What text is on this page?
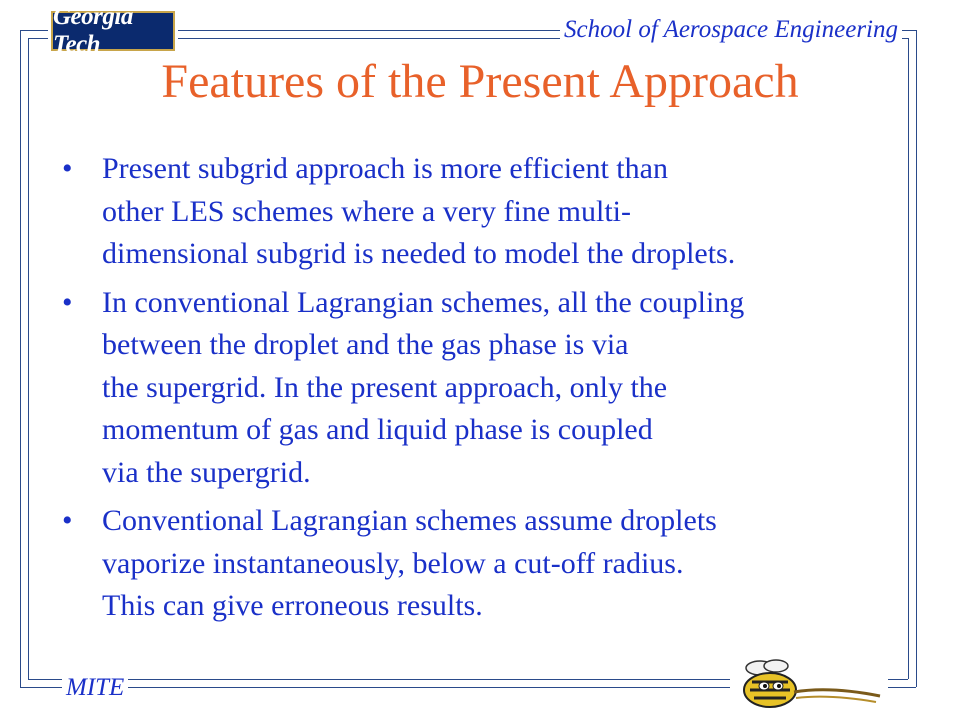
Georgia Tech
School of Aerospace Engineering
Features of the Present Approach
• Present subgrid approach is more efficient than
other LES schemes where a very fine multi-
dimensional subgrid is needed to model the droplets.
• In conventional Lagrangian schemes, all the coupling
between the droplet and the gas phase is via
the supergrid. In the present approach, only the
momentum of gas and liquid phase is coupled
via the supergrid.
• Conventional Lagrangian schemes assume droplets
vaporize instantaneously, below a cut-off radius.
This can give erroneous results.
MITE
